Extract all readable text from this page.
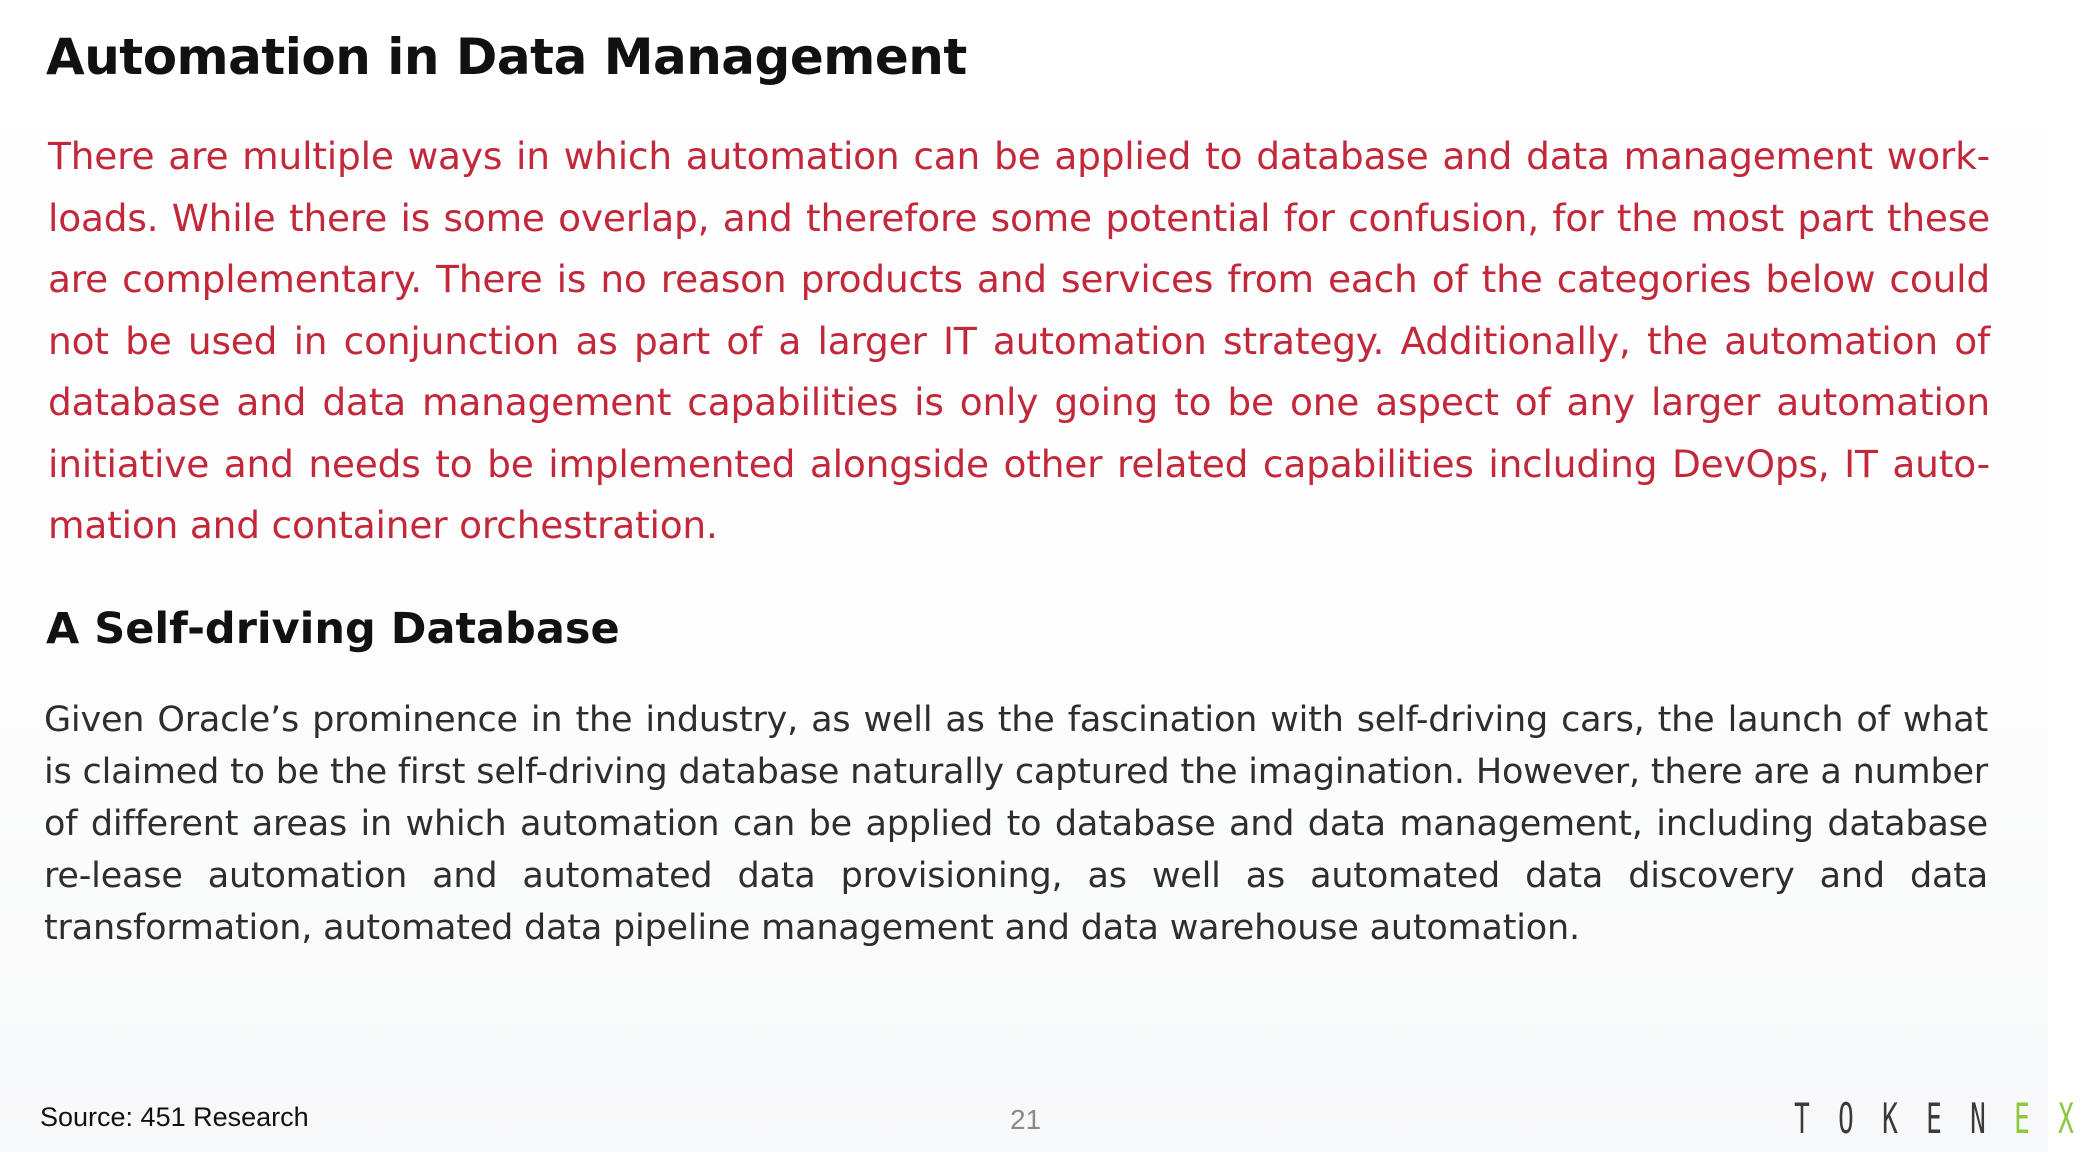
Automation in Data Management
There are multiple ways in which automation can be applied to database and data management work-loads. While there is some overlap, and therefore some potential for confusion, for the most part these are complementary. There is no reason products and services from each of the categories below could not be used in conjunction as part of a larger IT automation strategy. Additionally, the automation of database and data management capabilities is only going to be one aspect of any larger automation initiative and needs to be implemented alongside other related capabilities including DevOps, IT auto-mation and container orchestration.
A Self-driving Database
Given Oracle’s prominence in the industry, as well as the fascination with self-driving cars, the launch of what is claimed to be the first self-driving database naturally captured the imagination. However, there are a number of different areas in which automation can be applied to database and data management, including database re-lease automation and automated data provisioning, as well as automated data discovery and data transformation, automated data pipeline management and data warehouse automation.
Source: 451 Research	21	T O K E N E X
